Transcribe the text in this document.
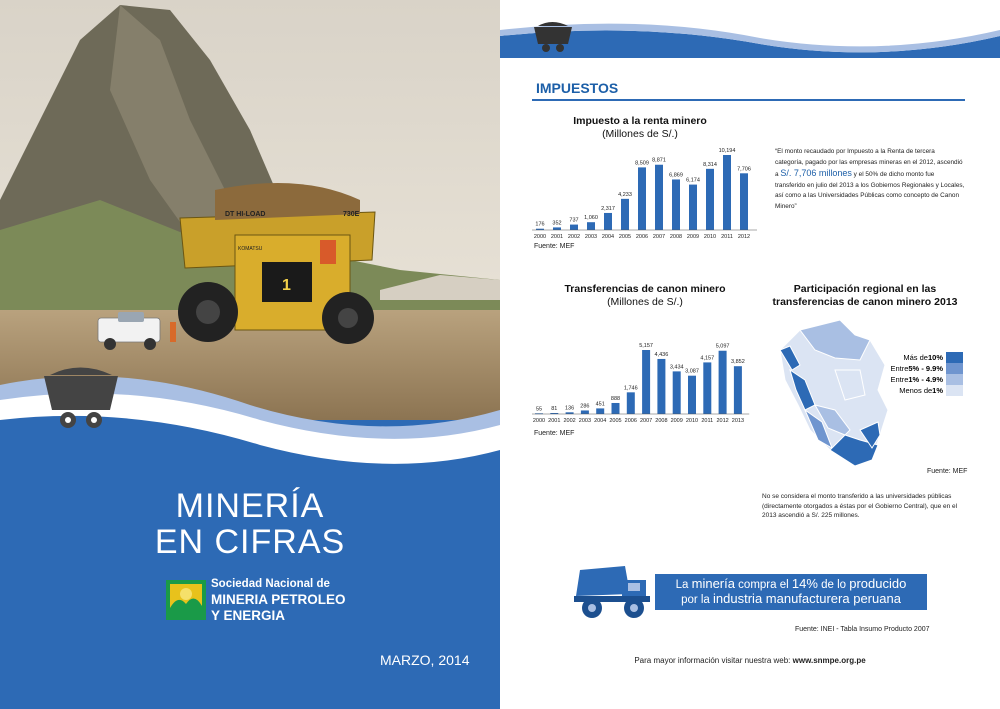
DT HI-LOAD	730E
KOMATSU
1
MINERÍA
EN CIFRAS
Sociedad Nacional de
MINERIA PETROLEO
Y ENERGIA
MARZO, 2014
IMPUESTOS
Impuesto a la renta minero
(Millones de S/.)
176
2000
352
2001
737
2002
1,060
2003
2,317
2004
4,233
2005
8,509
2006
8,871
2007
6,869
2008
6,174
2009
8,314
2010
10,194
2011
7,706
2012
Fuente: MEF
“El monto recaudado por Impuesto a la Renta de tercera categoría, pagado por las empresas mineras en el 2012, ascendió a S/. 7,706 millones y el 50% de dicho monto fue transferido en julio del 2013 a los Gobiernos Regionales y Locales, así como a las Universidades Públicas como concepto de Canon Minero”
Transferencias de canon minero
(Millones de S/.)
55
2000
81
2001
136
2002
286
2003
451
2004
888
2005
1,746
2006
5,157
2007
4,436
2008
3,434
2009
3,087
2010
4,157
2011
5,097
2012
3,852
2013
Fuente: MEF
Participación regional en las
transferencias de canon minero 2013
Más de 10%
Entre 5% - 9.9%
Entre 1% - 4.9%
Menos de 1%
Fuente: MEF
No se considera el monto transferido a las universidades públicas (directamente otorgados a éstas por el Gobierno Central), que en el 2013 ascendió a S/. 225 millones.
La minería compra el 14% de lo producido
por la industria manufacturera peruana
Fuente: INEI - Tabla Insumo Producto 2007
Para mayor información visitar nuestra web: www.snmpe.org.pe
